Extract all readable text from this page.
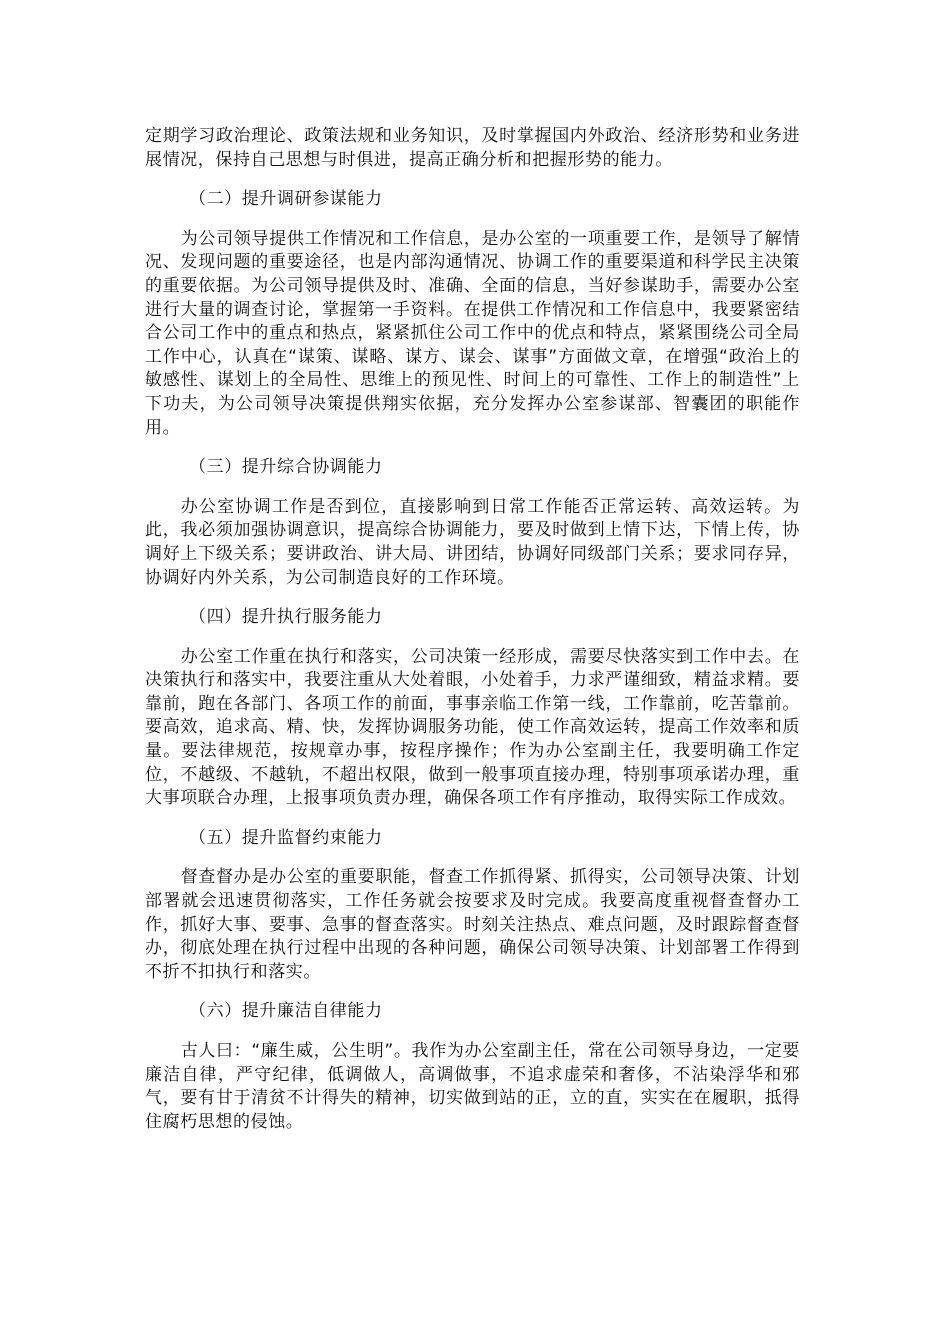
定期学习政治理论、政策法规和业务知识，及时掌握国内外政治、经济形势和业务进展情况，保持自己思想与时俱进，提高正确分析和把握形势的能力。

（二）提升调研参谋能力

为公司领导提供工作情况和工作信息，是办公室的一项重要工作，是领导了解情况、发现问题的重要途径，也是内部沟通情况、协调工作的重要渠道和科学民主决策的重要依据。为公司领导提供及时、准确、全面的信息，当好参谋助手，需要办公室进行大量的调查讨论，掌握第一手资料。在提供工作情况和工作信息中，我要紧密结合公司工作中的重点和热点，紧紧抓住公司工作中的优点和特点，紧紧围绕公司全局工作中心，认真在“谋策、谋略、谋方、谋会、谋事”方面做文章，在增强“政治上的敏感性、谋划上的全局性、思维上的预见性、时间上的可靠性、工作上的制造性”上下功夫，为公司领导决策提供翔实依据，充分发挥办公室参谋部、智囊团的职能作用。

（三）提升综合协调能力

办公室协调工作是否到位，直接影响到日常工作能否正常运转、高效运转。为此，我必须加强协调意识，提高综合协调能力，要及时做到上情下达，下情上传，协调好上下级关系；要讲政治、讲大局、讲团结，协调好同级部门关系；要求同存异，协调好内外关系，为公司制造良好的工作环境。

（四）提升执行服务能力

办公室工作重在执行和落实，公司决策一经形成，需要尽快落实到工作中去。在决策执行和落实中，我要注重从大处着眼，小处着手，力求严谨细致，精益求精。要靠前，跑在各部门、各项工作的前面，事事亲临工作第一线，工作靠前，吃苦靠前。要高效，追求高、精、快，发挥协调服务功能，使工作高效运转，提高工作效率和质量。要法律规范，按规章办事，按程序操作；作为办公室副主任，我要明确工作定位，不越级、不越轨，不超出权限，做到一般事项直接办理，特别事项承诺办理，重大事项联合办理，上报事项负责办理，确保各项工作有序推动，取得实际工作成效。

（五）提升监督约束能力

督查督办是办公室的重要职能，督查工作抓得紧、抓得实，公司领导决策、计划部署就会迅速贯彻落实，工作任务就会按要求及时完成。我要高度重视督查督办工作，抓好大事、要事、急事的督查落实。时刻关注热点、难点问题，及时跟踪督查督办，彻底处理在执行过程中出现的各种问题，确保公司领导决策、计划部署工作得到不折不扣执行和落实。

（六）提升廉洁自律能力

古人曰：“廉生威，公生明”。我作为办公室副主任，常在公司领导身边，一定要廉洁自律，严守纪律，低调做人，高调做事，不追求虚荣和奢侈，不沾染浮华和邪气，要有甘于清贫不计得失的精神，切实做到站的正，立的直，实实在在履职，抵得住腐朽思想的侵蚀。
